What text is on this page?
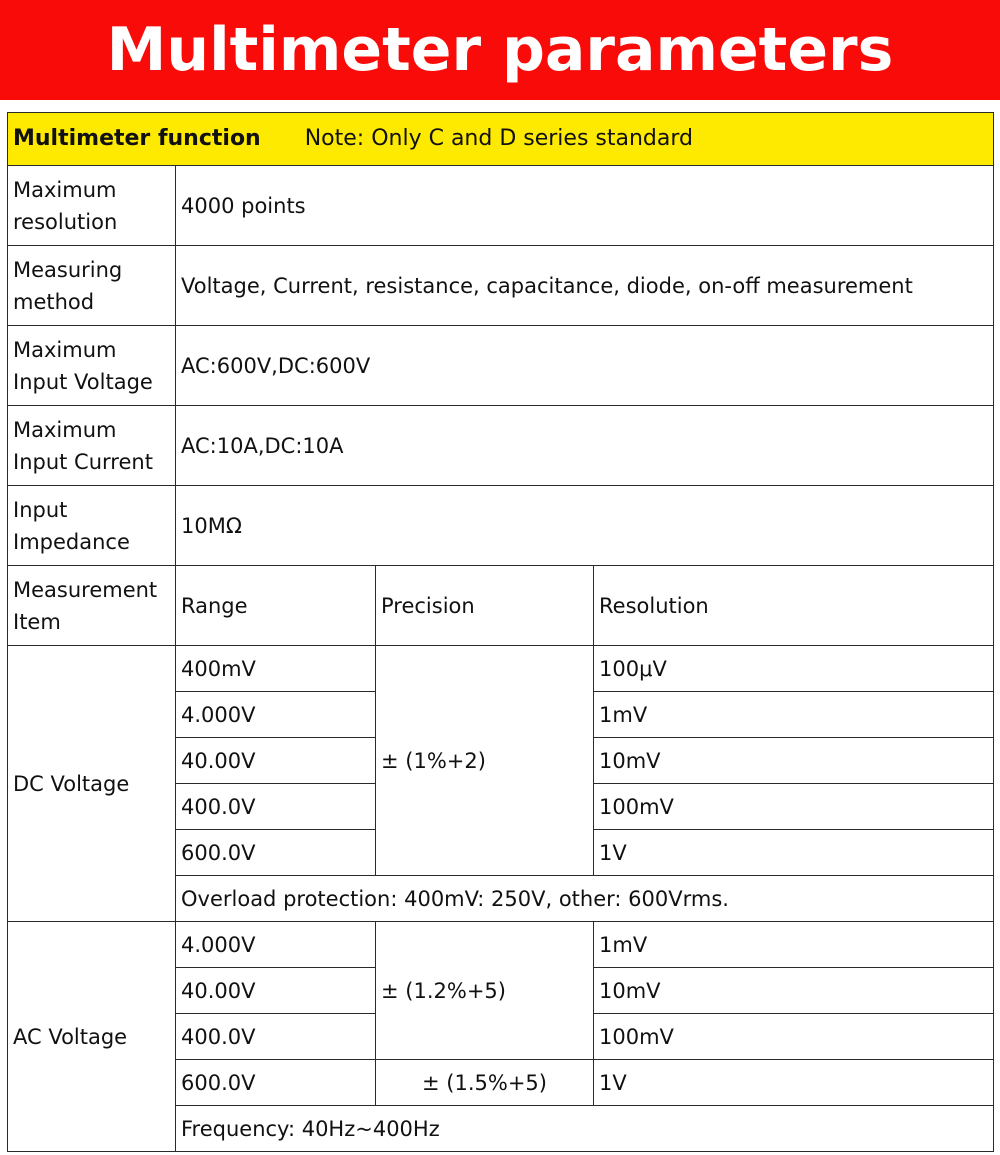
Multimeter parameters
Multimeter function Note: Only C and D series standard			
Maximum resolution	4000 points		
Measuring method	Voltage, Current, resistance, capacitance, diode, on-off measurement		
Maximum Input Voltage	AC:600V,DC:600V		
Maximum Input Current	AC:10A,DC:10A		
Input Impedance	10MΩ		
Measurement Item	Range	Precision	Resolution
DC Voltage	400mV	± (1%+2)	100μV
	4.000V		1mV
	40.00V		10mV
	400.0V		100mV
	600.0V		1V
	Overload protection: 400mV: 250V, other: 600Vrms.		
AC Voltage	4.000V	± (1.2%+5)	1mV
	40.00V		10mV
	400.0V		100mV
	600.0V	± (1.5%+5)	1V
	Frequency: 40Hz~400Hz		
